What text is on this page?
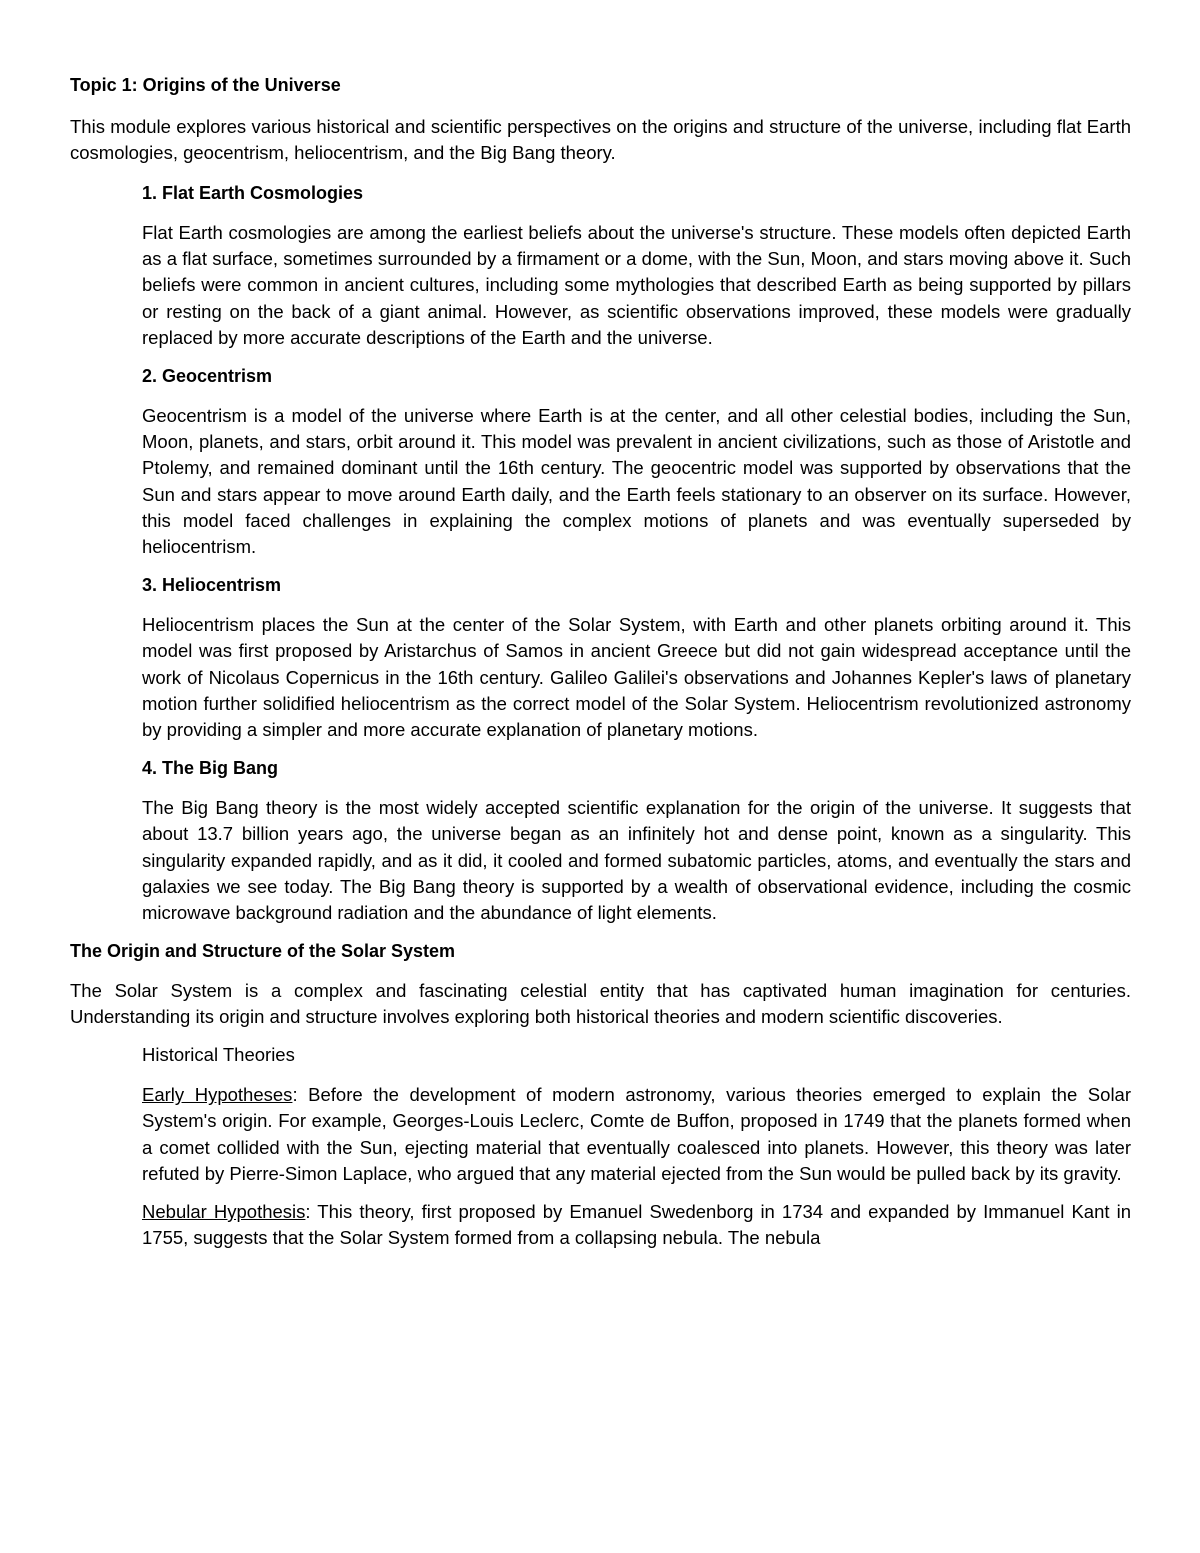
Topic 1: Origins of the Universe

This module explores various historical and scientific perspectives on the origins and structure of the universe, including flat Earth cosmologies, geocentrism, heliocentrism, and the Big Bang theory.

1. Flat Earth Cosmologies

Flat Earth cosmologies are among the earliest beliefs about the universe's structure. These models often depicted Earth as a flat surface, sometimes surrounded by a firmament or a dome, with the Sun, Moon, and stars moving above it. Such beliefs were common in ancient cultures, including some mythologies that described Earth as being supported by pillars or resting on the back of a giant animal. However, as scientific observations improved, these models were gradually replaced by more accurate descriptions of the Earth and the universe.

2. Geocentrism

Geocentrism is a model of the universe where Earth is at the center, and all other celestial bodies, including the Sun, Moon, planets, and stars, orbit around it. This model was prevalent in ancient civilizations, such as those of Aristotle and Ptolemy, and remained dominant until the 16th century. The geocentric model was supported by observations that the Sun and stars appear to move around Earth daily, and the Earth feels stationary to an observer on its surface. However, this model faced challenges in explaining the complex motions of planets and was eventually superseded by heliocentrism.

3. Heliocentrism

Heliocentrism places the Sun at the center of the Solar System, with Earth and other planets orbiting around it. This model was first proposed by Aristarchus of Samos in ancient Greece but did not gain widespread acceptance until the work of Nicolaus Copernicus in the 16th century. Galileo Galilei's observations and Johannes Kepler's laws of planetary motion further solidified heliocentrism as the correct model of the Solar System. Heliocentrism revolutionized astronomy by providing a simpler and more accurate explanation of planetary motions.

4. The Big Bang

The Big Bang theory is the most widely accepted scientific explanation for the origin of the universe. It suggests that about 13.7 billion years ago, the universe began as an infinitely hot and dense point, known as a singularity. This singularity expanded rapidly, and as it did, it cooled and formed subatomic particles, atoms, and eventually the stars and galaxies we see today. The Big Bang theory is supported by a wealth of observational evidence, including the cosmic microwave background radiation and the abundance of light elements.

The Origin and Structure of the Solar System

The Solar System is a complex and fascinating celestial entity that has captivated human imagination for centuries. Understanding its origin and structure involves exploring both historical theories and modern scientific discoveries.

Historical Theories

Early Hypotheses: Before the development of modern astronomy, various theories emerged to explain the Solar System's origin. For example, Georges-Louis Leclerc, Comte de Buffon, proposed in 1749 that the planets formed when a comet collided with the Sun, ejecting material that eventually coalesced into planets. However, this theory was later refuted by Pierre-Simon Laplace, who argued that any material ejected from the Sun would be pulled back by its gravity.

Nebular Hypothesis: This theory, first proposed by Emanuel Swedenborg in 1734 and expanded by Immanuel Kant in 1755, suggests that the Solar System formed from a collapsing nebula. The nebula
